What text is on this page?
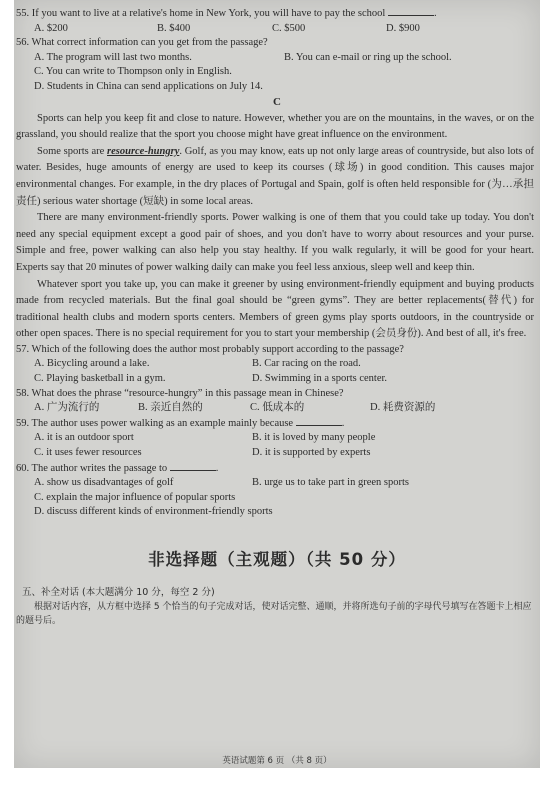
55. If you want to live at a relative's home in New York, you will have to pay the school	.
A. $200	B. $400	C. $500	D. $900
56. What correct information can you get from the passage?
A. The program will last two months.	B. You can e-mail or ring up the school.
C. You can write to Thompson only in English.
D. Students in China can send applications on July 14.
C

Sports can help you keep fit and close to nature. However, whether you are on the mountains, in the waves, or on the grassland, you should realize that the sport you choose might have great influence on the environment.

Some sports are resource-hungry. Golf, as you may know, eats up not only large areas of countryside, but also lots of water. Besides, huge amounts of energy are used to keep its courses (球场) in good condition. This causes major environmental changes. For example, in the dry places of Portugal and Spain, golf is often held responsible for (为…承担责任) serious water shortage (短缺) in some local areas.

There are many environment-friendly sports. Power walking is one of them that you could take up today. You don't need any special equipment except a good pair of shoes, and you don't have to worry about resources and your purse. Simple and free, power walking can also help you stay healthy. If you walk regularly, it will be good for your heart. Experts say that 20 minutes of power walking daily can make you feel less anxious, sleep well and keep thin.

Whatever sport you take up, you can make it greener by using environment-friendly equipment and buying products made from recycled materials. But the final goal should be “green gyms”. They are better replacements(替代) for traditional health clubs and modern sports centers. Members of green gyms play sports outdoors, in the countryside or other open spaces. There is no special requirement for you to start your membership (会员身份). And best of all, it's free.

57. Which of the following does the author most probably support according to the passage?
A. Bicycling around a lake.	B. Car racing on the road.
C. Playing basketball in a gym.	D. Swimming in a sports center.
58. What does the phrase “resource-hungry” in this passage mean in Chinese?
A. 广为流行的	B. 亲近自然的	C. 低成本的	D. 耗费资源的
59. The author uses power walking as an example mainly because	.
A. it is an outdoor sport	B. it is loved by many people
C. it uses fewer resources	D. it is supported by experts
60. The author writes the passage to	.
A. show us disadvantages of golf	B. urge us to take part in green sports
C. explain the major influence of popular sports
D. discuss different kinds of environment-friendly sports
非选择题（主观题）（共 50 分）
五、补全对话 (本大题满分 10 分，每空 2 分)
根据对话内容，从方框中选择 5 个恰当的句子完成对话，使对话完整、通顺，并将所选句子前的字母代号填写在答题卡上相应的题号后。
英语试题第 6 页 （共 8 页）
